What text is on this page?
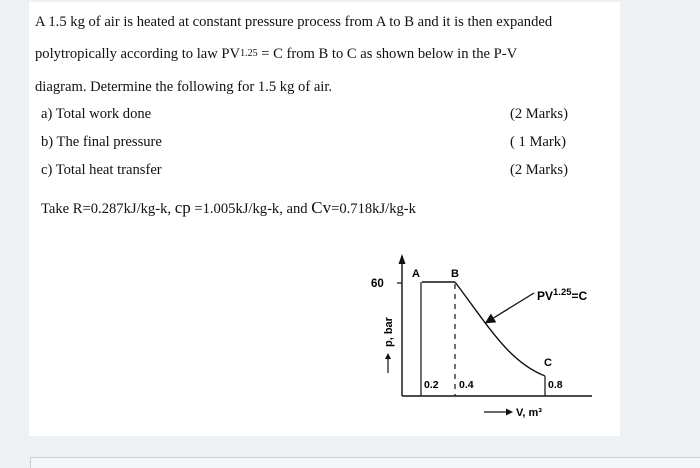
A 1.5 kg of air is heated at constant pressure process from A to B and it is then expanded
polytropically according to law $PV^{1.25} = C$ from B to C as shown below in the P-V
diagram. Determine the following for 1.5 kg of air.
a) Total work done	(2 Marks)
b) The final pressure	( 1 Mark)
c) Total heat transfer	(2 Marks)
Take R=0.287kJ/kg-k, cp =1.005kJ/kg-k, and Cv=0.718kJ/kg-k
60
A	B
C
0.2 0.4	0.8
$PV^{1.25}=C$
p, bar
V, m³
